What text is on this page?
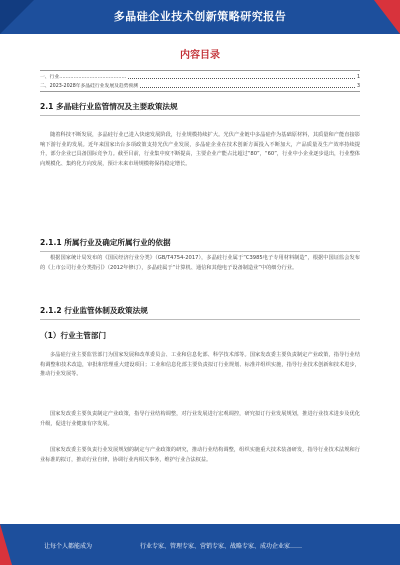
多晶硅企业技术创新策略研究报告
内容目录
一、行业……………………………………	1
二、2023-2028年多晶硅行业发展及趋势预测	3
2.1 多晶硅行业监管情况及主要政策法规

随着科技不断发展，多晶硅行业已进入快速发展阶段，行业规模持续扩大。光伏产业链中多晶硅作为基础原材料，其质量和产能直接影响下游行业的发展。近年来国家出台多项政策支持光伏产业发展，多晶硅企业在技术创新方面投入不断加大，产品质量及生产效率持续提升，部分企业已具备国际竞争力。截至目前，行业集中度不断提高，主要企业产能占比超过“80”，“60”，行业中小企业逐步退出，行业整体向规模化、集约化方向发展，预计未来市场规模将保持稳定增长。

2.1.1 所属行业及确定所属行业的依据

根据国家统计局发布的《国民经济行业分类》（GB/T4754-2017），多晶硅行业属于“C3985电子专用材料制造”，根据中国证监会发布的《上市公司行业分类指引》（2012年修订），多晶硅属于“计算机、通信和其他电子设备制造业”中的细分行业。

2.1.2 行业监管体制及政策法规
（1）行业主管部门

多晶硅行业主要监管部门为国家发展和改革委员会、工业和信息化部、科学技术部等。国家发改委主要负责制定产业政策，指导行业结构调整和技术改造，审批和管理重大建设项目；工业和信息化部主要负责拟订行业规划、标准并组织实施，指导行业技术创新和技术进步，推动行业发展等。

国家发改委主要负责制定产业政策，指导行业结构调整，对行业发展进行宏观调控，研究拟订行业发展规划，推进行业技术进步及优化升级，促进行业健康有序发展。

国家发改委主要负责行业发展规划的制定与产业政策的研究，推动行业结构调整，组织实施重大技术装备研发，指导行业技术法规和行业标准的拟订，推动行业自律，协调行业内相关事务，维护行业合法权益。

让每个人都能成为	行业专家、管理专家、营销专家、战略专家、成功企业家……
